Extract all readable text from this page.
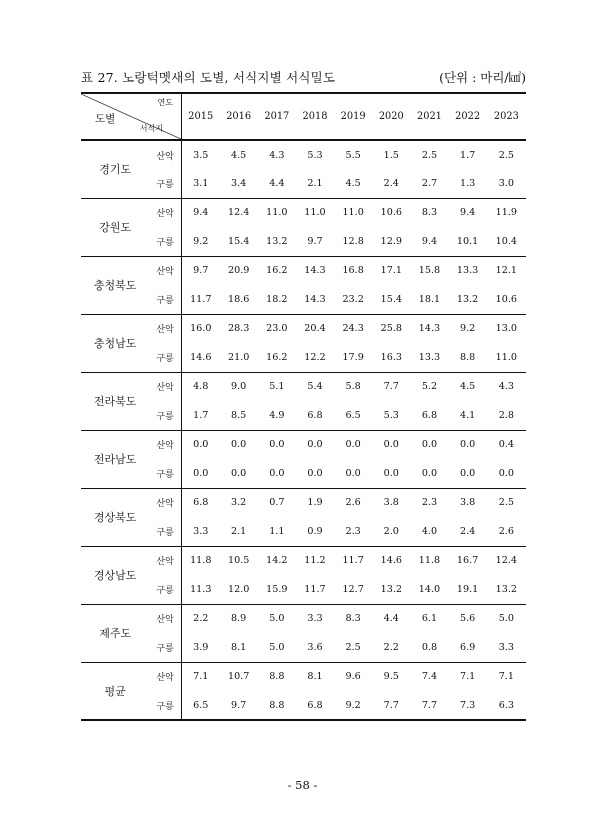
표 27. 노랑턱멧새의 도별, 서식지별 서식밀도	(단위 : 마리/㎢)
도별
연도
서식지		2015	2016	2017	2018	2019	2020	2021	2022	2023
경기도	산악	3.5	4.5	4.3	5.3	5.5	1.5	2.5	1.7	2.5
	구릉	3.1	3.4	4.4	2.1	4.5	2.4	2.7	1.3	3.0
강원도	산악	9.4	12.4	11.0	11.0	11.0	10.6	8.3	9.4	11.9
	구릉	9.2	15.4	13.2	9.7	12.8	12.9	9.4	10.1	10.4
충청북도	산악	9.7	20.9	16.2	14.3	16.8	17.1	15.8	13.3	12.1
	구릉	11.7	18.6	18.2	14.3	23.2	15.4	18.1	13.2	10.6
충청남도	산악	16.0	28.3	23.0	20.4	24.3	25.8	14.3	9.2	13.0
	구릉	14.6	21.0	16.2	12.2	17.9	16.3	13.3	8.8	11.0
전라북도	산악	4.8	9.0	5.1	5.4	5.8	7.7	5.2	4.5	4.3
	구릉	1.7	8.5	4.9	6.8	6.5	5.3	6.8	4.1	2.8
전라남도	산악	0.0	0.0	0.0	0.0	0.0	0.0	0.0	0.0	0.4
	구릉	0.0	0.0	0.0	0.0	0.0	0.0	0.0	0.0	0.0
경상북도	산악	6.8	3.2	0.7	1.9	2.6	3.8	2.3	3.8	2.5
	구릉	3.3	2.1	1.1	0.9	2.3	2.0	4.0	2.4	2.6
경상남도	산악	11.8	10.5	14.2	11.2	11.7	14.6	11.8	16.7	12.4
	구릉	11.3	12.0	15.9	11.7	12.7	13.2	14.0	19.1	13.2
제주도	산악	2.2	8.9	5.0	3.3	8.3	4.4	6.1	5.6	5.0
	구릉	3.9	8.1	5.0	3.6	2.5	2.2	0.8	6.9	3.3
평균	산악	7.1	10.7	8.8	8.1	9.6	9.5	7.4	7.1	7.1
	구릉	6.5	9.7	8.8	6.8	9.2	7.7	7.7	7.3	6.3
- 58 -
